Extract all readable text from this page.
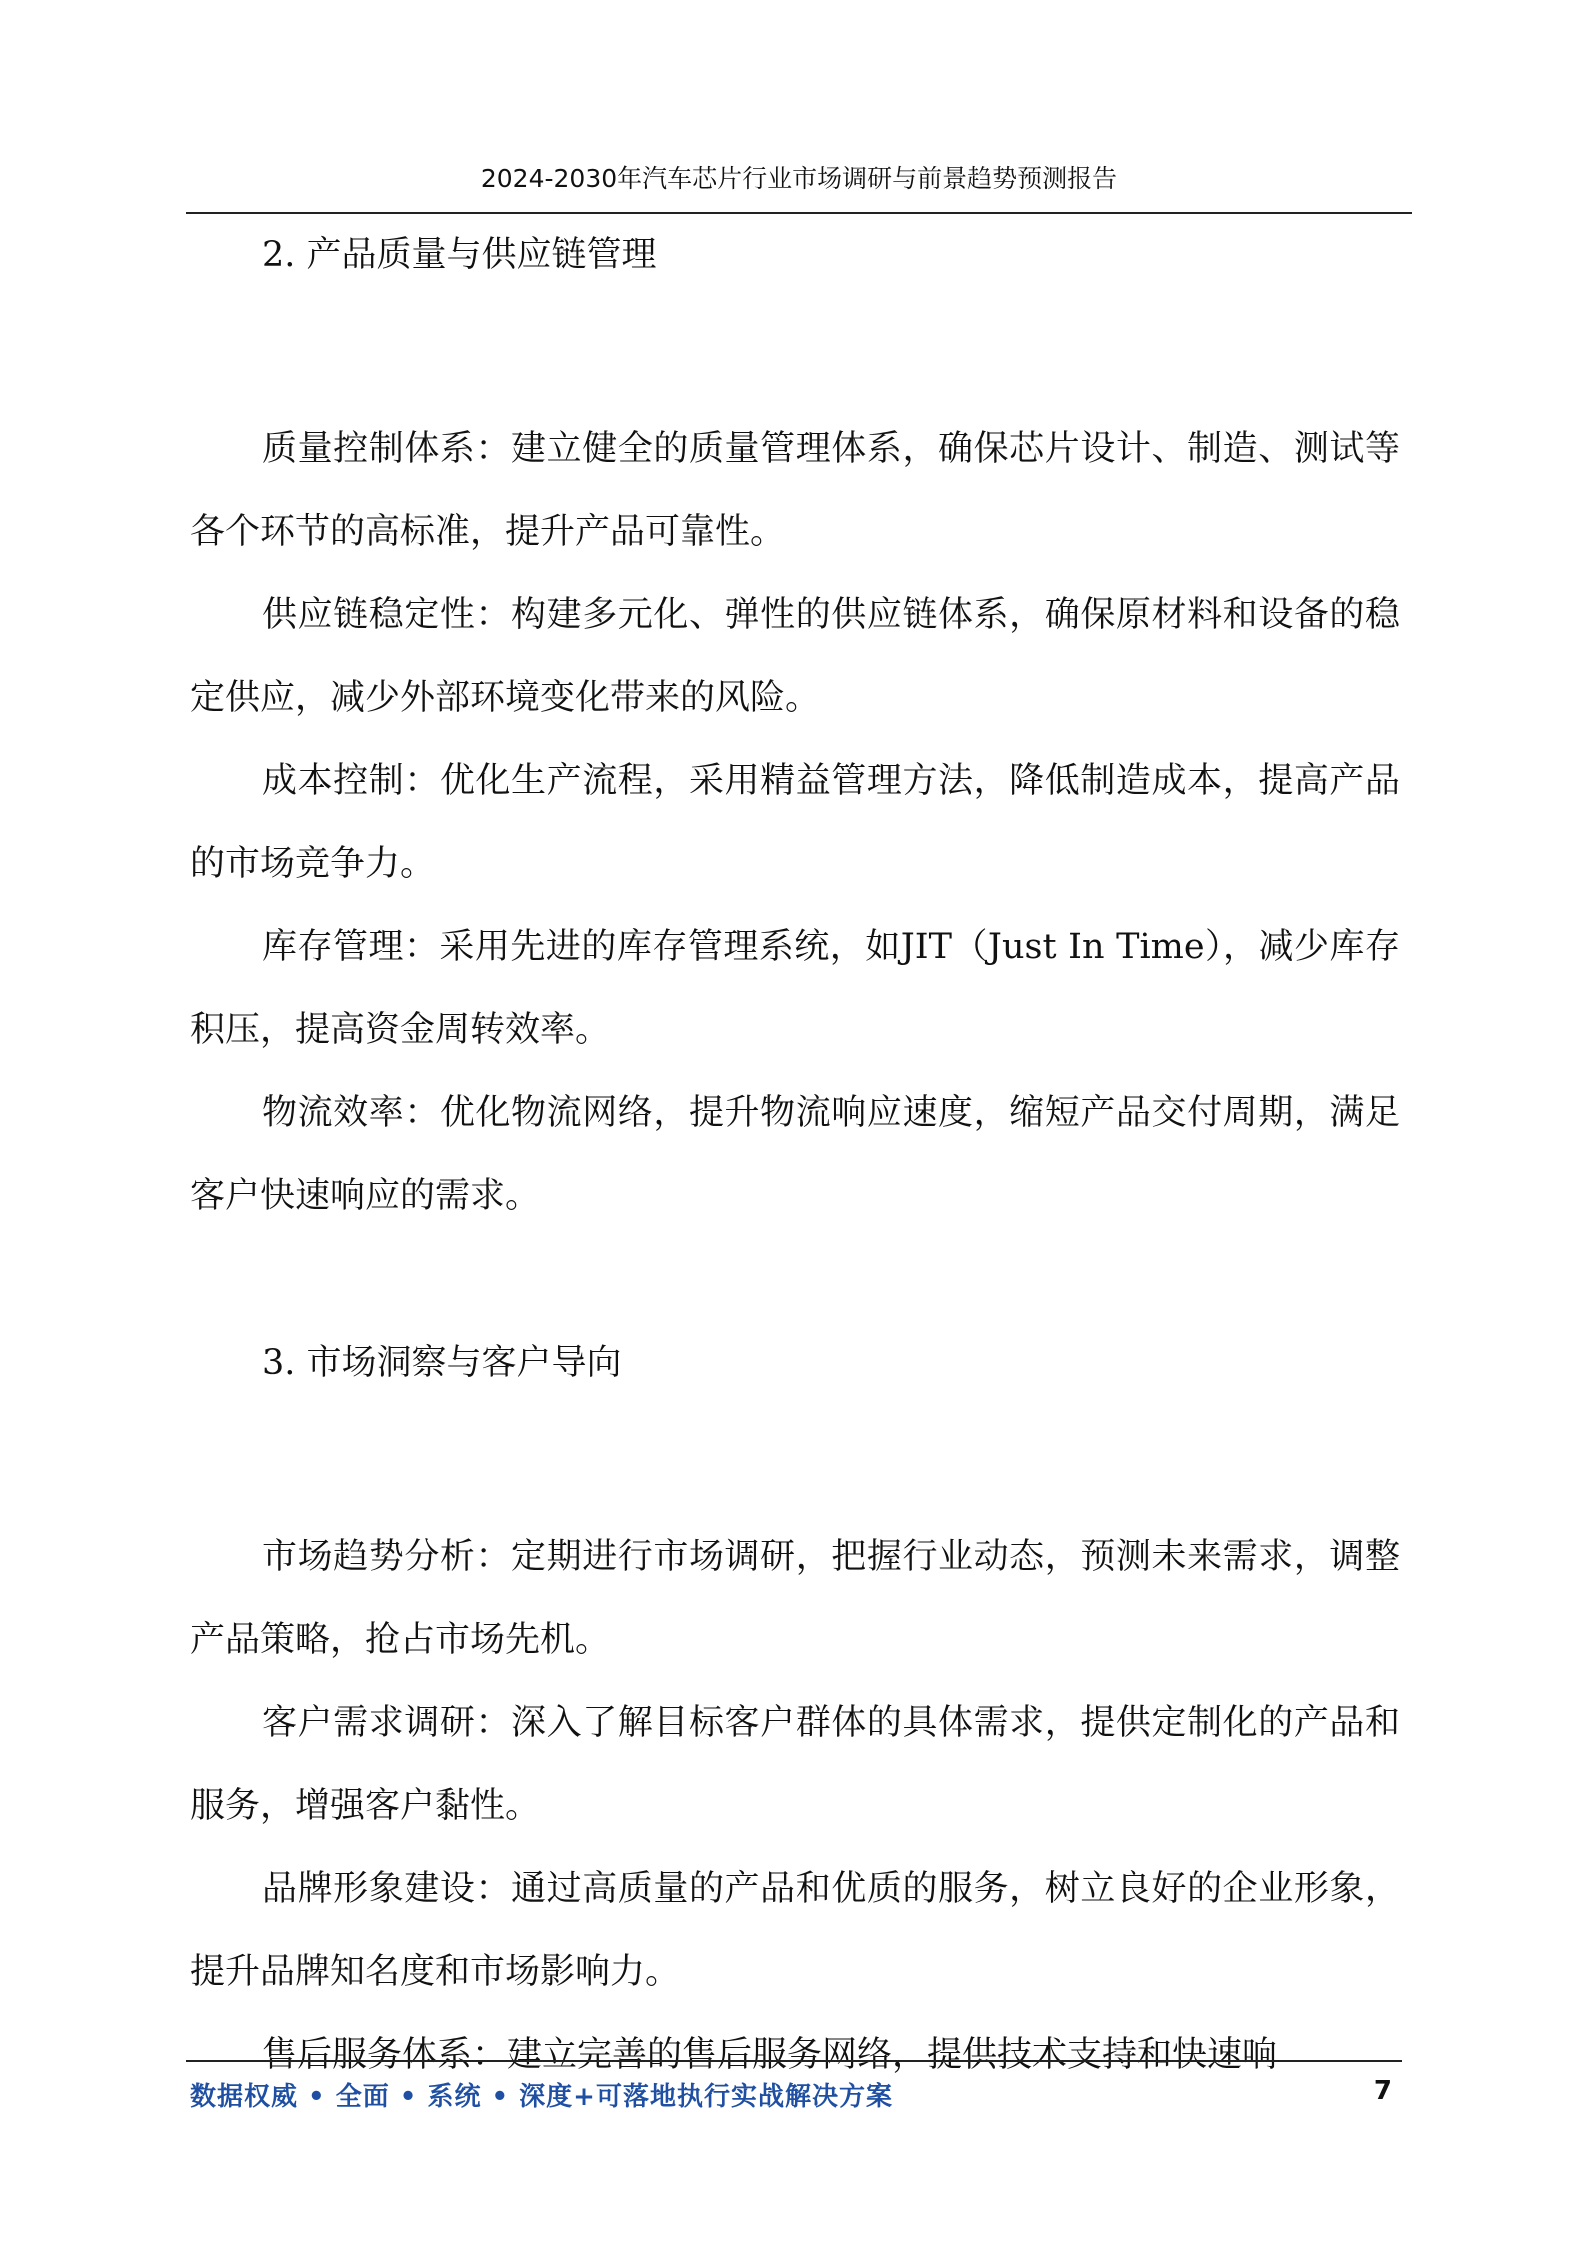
2024-2030年汽车芯片行业市场调研与前景趋势预测报告
2. 产品质量与供应链管理

质量控制体系：建立健全的质量管理体系，确保芯片设计、制造、测试等各个环节的高标准，提升产品可靠性。

供应链稳定性：构建多元化、弹性的供应链体系，确保原材料和设备的稳定供应，减少外部环境变化带来的风险。

成本控制：优化生产流程，采用精益管理方法，降低制造成本，提高产品的市场竞争力。

库存管理：采用先进的库存管理系统，如JIT（Just In Time），减少库存积压，提高资金周转效率。

物流效率：优化物流网络，提升物流响应速度，缩短产品交付周期，满足客户快速响应的需求。

3. 市场洞察与客户导向

市场趋势分析：定期进行市场调研，把握行业动态，预测未来需求，调整产品策略，抢占市场先机。

客户需求调研：深入了解目标客户群体的具体需求，提供定制化的产品和服务，增强客户黏性。

品牌形象建设：通过高质量的产品和优质的服务，树立良好的企业形象，提升品牌知名度和市场影响力。

售后服务体系：建立完善的售后服务网络，提供技术支持和快速响

数据权威 • 全面 • 系统 • 深度+可落地执行实战解决方案	7
